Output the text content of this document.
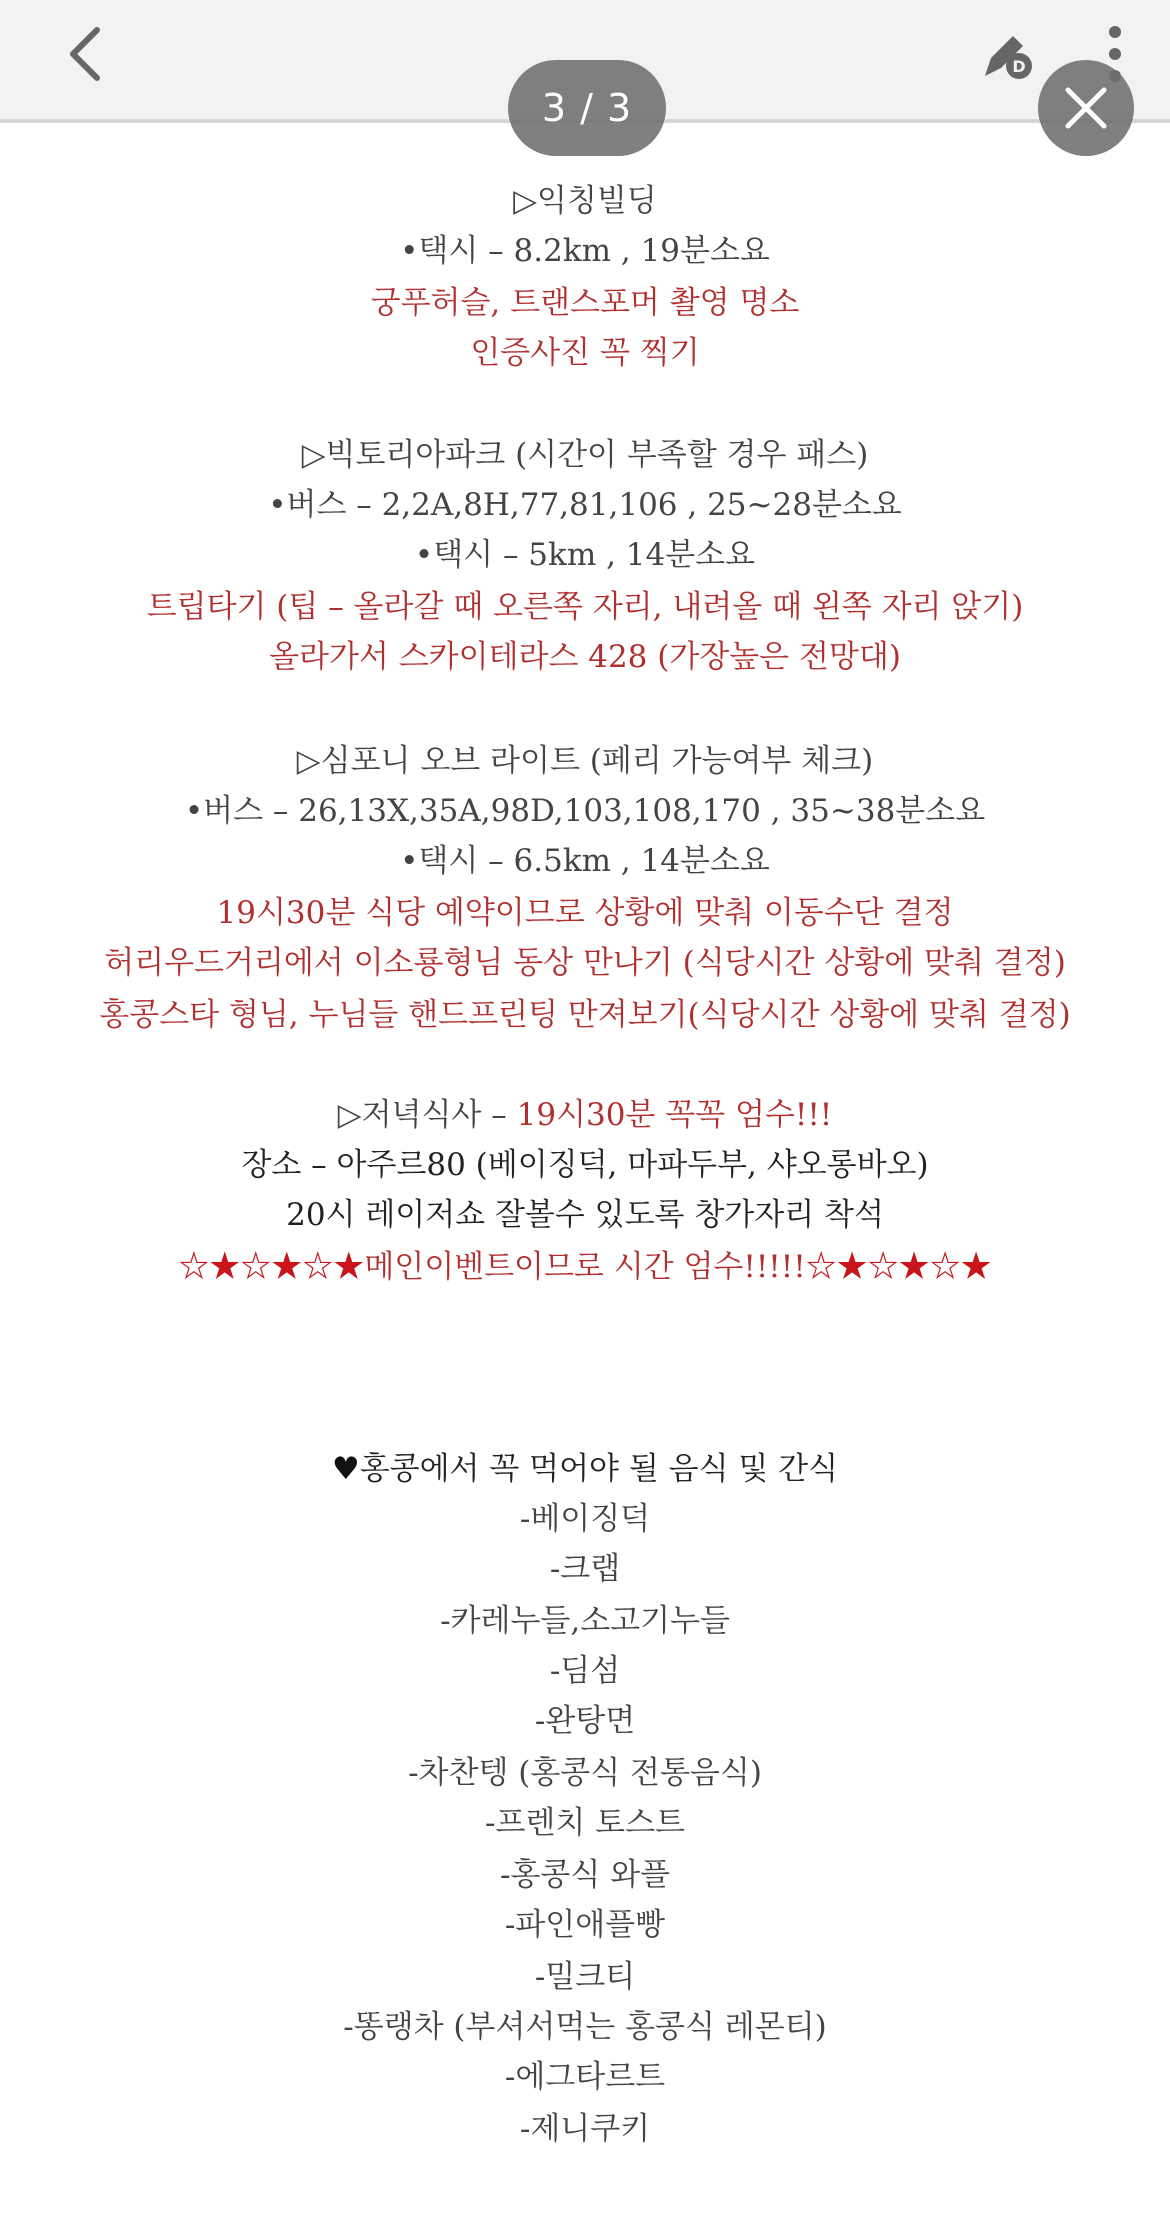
▷익칭빌딩
•택시 – 8.2km , 19분소요
궁푸허슬, 트랜스포머 촬영 명소
인증사진 꼭 찍기
▷빅토리아파크 (시간이 부족할 경우 패스)
•버스 – 2,2A,8H,77,81,106 , 25~28분소요
•택시 – 5km , 14분소요
트립타기 (팁 – 올라갈 때 오른쪽 자리, 내려올 때 왼쪽 자리 앉기)
올라가서 스카이테라스 428 (가장높은 전망대)
▷심포니 오브 라이트 (페리 가능여부 체크)
•버스 – 26,13X,35A,98D,103,108,170 , 35~38분소요
•택시 – 6.5km , 14분소요
19시30분 식당 예약이므로 상황에 맞춰 이동수단 결정
허리우드거리에서 이소룡형님 동상 만나기 (식당시간 상황에 맞춰 결정)
홍콩스타 형님, 누님들 핸드프린팅 만져보기(식당시간 상황에 맞춰 결정)
▷저녁식사 – 19시30분 꼭꼭 엄수!!!
장소 – 아주르80 (베이징덕, 마파두부, 샤오롱바오)
20시 레이저쇼 잘볼수 있도록 창가자리 착석
☆★☆★☆★메인이벤트이므로 시간 엄수!!!!!☆★☆★☆★
♥홍콩에서 꼭 먹어야 될 음식 및 간식
-베이징덕
-크랩
-카레누들,소고기누들
-딤섬
-완탕면
-차찬텡 (홍콩식 전통음식)
-프렌치 토스트
-홍콩식 와플
-파인애플빵
-밀크티
-똥랭차 (부셔서먹는 홍콩식 레몬티)
-에그타르트
-제니쿠키
D
3 / 3
